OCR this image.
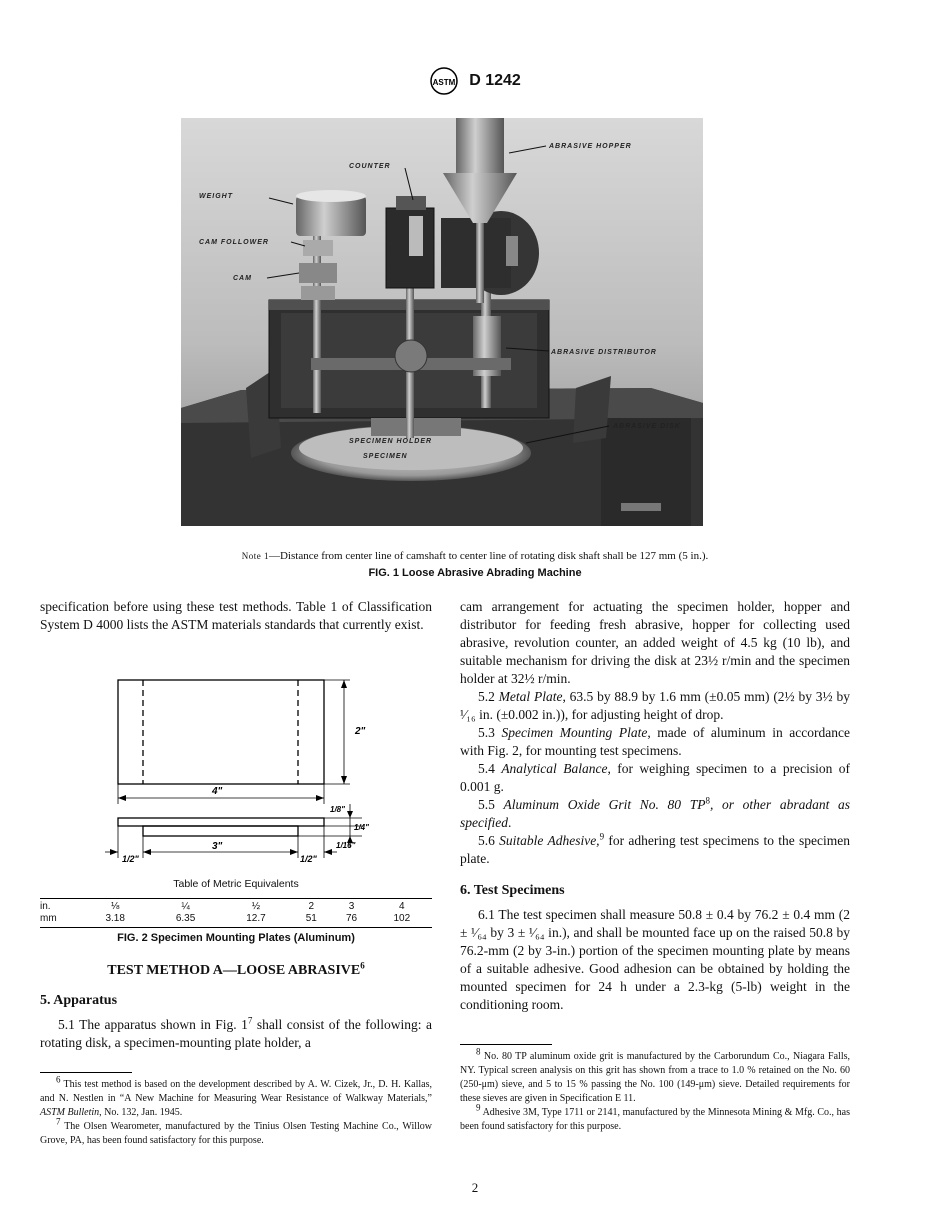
ASTM D 1242
ABRASIVE HOPPER
COUNTER
WEIGHT
CAM FOLLOWER
CAM
ABRASIVE DISTRIBUTOR
ABRASIVE DISK
SPECIMEN HOLDER
SPECIMEN
Note 1—Distance from center line of camshaft to center line of rotating disk shaft shall be 127 mm (5 in.).
FIG. 1 Loose Abrasive Abrading Machine

specification before using these test methods. Table 1 of Classification System D 4000 lists the ASTM materials standards that currently exist.

2"
4"
1/2"
3"
1/2"
1/8"
1/4"
1/16"
Table of Metric Equivalents
in.	⅛	¼	½	2	3	4
mm	3.18	6.35	12.7	51	76	102
FIG. 2 Specimen Mounting Plates (Aluminum)
TEST METHOD A—LOOSE ABRASIVE$^6$

5. Apparatus

5.1 The apparatus shown in Fig. $1^7$ shall consist of the following: a rotating disk, a specimen-mounting plate holder, a

$^6$ This test method is based on the development described by A. W. Cizek, Jr., D. H. Kallas, and N. Nestlen in “A New Machine for Measuring Wear Resistance of Walkway Materials,” ASTM Bulletin, No. 132, Jan. 1945.

$^7$ The Olsen Wearometer, manufactured by the Tinius Olsen Testing Machine Co., Willow Grove, PA, has been found satisfactory for this purpose.

cam arrangement for actuating the specimen holder, hopper and distributor for feeding fresh abrasive, hopper for collecting used abrasive, revolution counter, an added weight of 4.5 kg (10 lb), and suitable mechanism for driving the disk at 23½ r/min and the specimen holder at 32½ r/min.

5.2 Metal Plate, 63.5 by 88.9 by 1.6 mm (±0.05 mm) (2½ by 3½ by ¹⁄₁₆ in. (±0.002 in.)), for adjusting height of drop.

5.3 Specimen Mounting Plate, made of aluminum in accordance with Fig. 2, for mounting test specimens.

5.4 Analytical Balance, for weighing specimen to a precision of 0.001 g.

5.5 Aluminum Oxide Grit No. 80 $TP^8$, or other abradant as specified.

5.6 Suitable Adhesive,$^9$ for adhering test specimens to the specimen plate.

6. Test Specimens

6.1 The test specimen shall measure 50.8 ± 0.4 by 76.2 ± 0.4 mm (2 ± ¹⁄₆₄ by 3 ± ¹⁄₆₄ in.), and shall be mounted face up on the raised 50.8 by 76.2-mm (2 by 3-in.) portion of the specimen mounting plate by means of a suitable adhesive. Good adhesion can be obtained by holding the mounted specimen for 24 h under a 2.3-kg (5-lb) weight in the conditioning room.

$^8$ No. 80 TP aluminum oxide grit is manufactured by the Carborundum Co., Niagara Falls, NY. Typical screen analysis on this grit has shown from a trace to 1.0 % retained on the No. 60 (250-μm) sieve, and 5 to 15 % passing the No. 100 (149-μm) sieve. Detailed requirements for these sieves are given in Specification E 11.

$^9$ Adhesive 3M, Type 1711 or 2141, manufactured by the Minnesota Mining & Mfg. Co., has been found satisfactory for this purpose.

2
